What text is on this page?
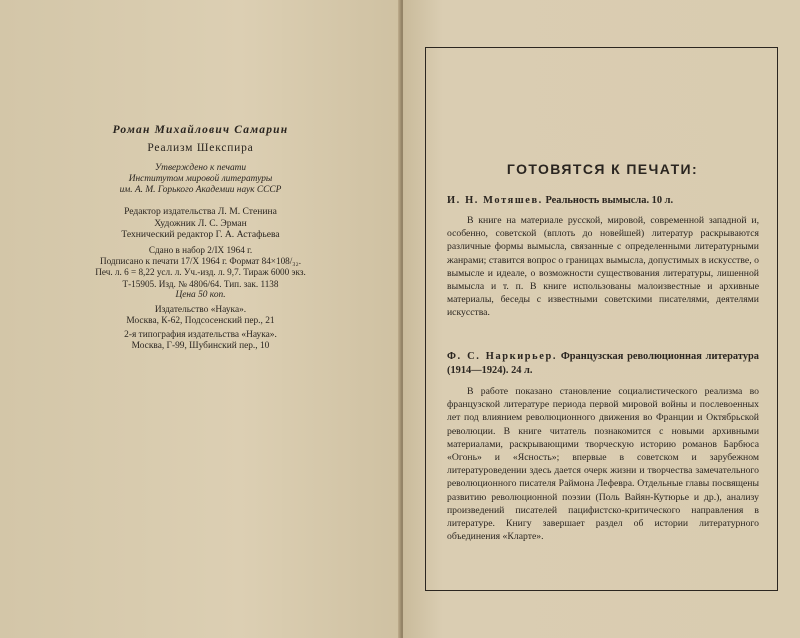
Роман Михайлович Самарин
Реализм Шекспира
Утверждено к печати
Институтом мировой литературы
им. А. М. Горького Академии наук СССР
Редактор издательства Л. М. Стенина
Художник Л. С. Эрман
Технический редактор Г. А. Астафьева
Сдано в набор 2/IX 1964 г.
Подписано к печати 17/X 1964 г. Формат 84×108/₃₂.
Печ. л. 6 = 8,22 усл. л. Уч.-изд. л. 9,7. Тираж 6000 экз.
Т-15905. Изд. № 4806/64. Тип. зак. 1138
Цена 50 коп.
Издательство «Наука».
Москва, К-62, Подсосенский пер., 21
2-я типография издательства «Наука».
Москва, Г-99, Шубинский пер., 10
ГОТОВЯТСЯ К ПЕЧАТИ:
И. Н. Мотяшев. Реальность вымысла. 10 л.

В книге на материале русской, мировой, современной западной и, особенно, советской (вплоть до новейшей) литератур раскрываются различные формы вымысла, связанные с определенными литературными жанрами; ставится вопрос о границах вымысла, допустимых в искусстве, о вымысле и идеале, о возможности существования литературы, лишенной вымысла и т. п. В книге использованы малоизвестные и архивные материалы, беседы с известными советскими писателями, деятелями искусства.

Ф. С. Наркирьер. Французская революционная литература (1914—1924). 24 л.

В работе показано становление социалистического реализма во французской литературе периода первой мировой войны и послевоенных лет под влиянием революционного движения во Франции и Октябрьской революции. В книге читатель познакомится с новыми архивными материалами, раскрывающими творческую историю романов Барбюса «Огонь» и «Ясность»; впервые в советском и зарубежном литературоведении здесь дается очерк жизни и творчества замечательного революционного писателя Раймона Лефевра. Отдельные главы посвящены развитию революционной поэзии (Поль Вайян-Кутюрье и др.), анализу произведений писателей пацифистско-критического направления в литературе. Книгу завершает раздел об истории литературного объединения «Кларте».
